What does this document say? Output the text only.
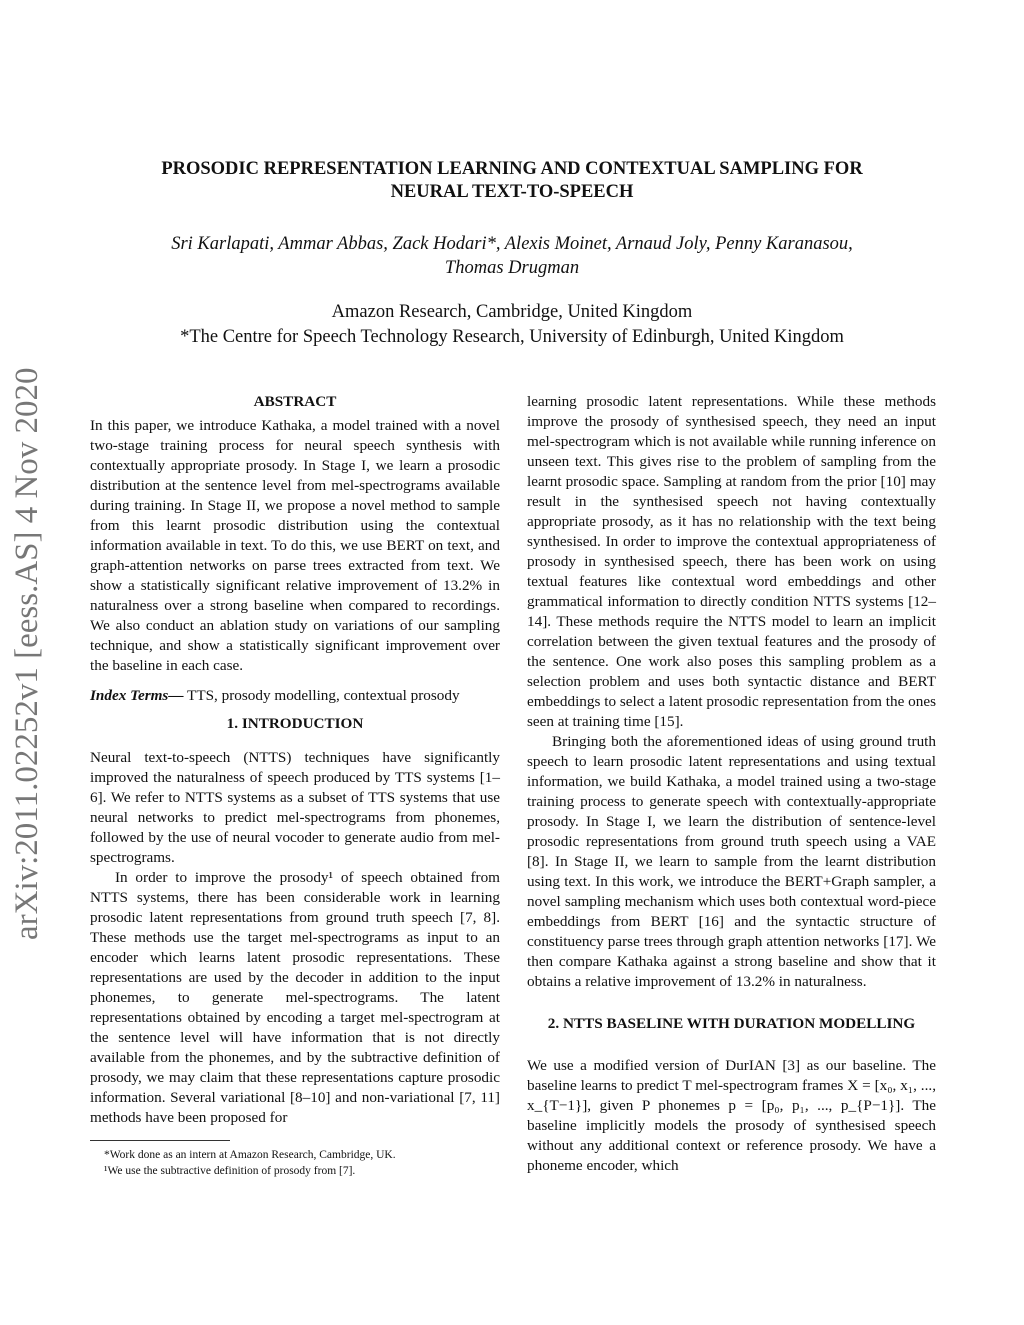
arXiv:2011.02252v1 [eess.AS] 4 Nov 2020
PROSODIC REPRESENTATION LEARNING AND CONTEXTUAL SAMPLING FOR
NEURAL TEXT-TO-SPEECH
Sri Karlapati, Ammar Abbas, Zack Hodari*, Alexis Moinet, Arnaud Joly, Penny Karanasou,
Thomas Drugman
Amazon Research, Cambridge, United Kingdom
*The Centre for Speech Technology Research, University of Edinburgh, United Kingdom
ABSTRACT

In this paper, we introduce Kathaka, a model trained with a novel two-stage training process for neural speech synthesis with contextually appropriate prosody. In Stage I, we learn a prosodic distribution at the sentence level from mel-spectrograms available during training. In Stage II, we propose a novel method to sample from this learnt prosodic distribution using the contextual information available in text. To do this, we use BERT on text, and graph-attention networks on parse trees extracted from text. We show a statistically significant relative improvement of 13.2% in naturalness over a strong baseline when compared to recordings. We also conduct an ablation study on variations of our sampling technique, and show a statistically significant improvement over the baseline in each case.

Index Terms— TTS, prosody modelling, contextual prosody

1. INTRODUCTION

Neural text-to-speech (NTTS) techniques have significantly improved the naturalness of speech produced by TTS systems [1–6]. We refer to NTTS systems as a subset of TTS systems that use neural networks to predict mel-spectrograms from phonemes, followed by the use of neural vocoder to generate audio from mel-spectrograms.

In order to improve the prosody¹ of speech obtained from NTTS systems, there has been considerable work in learning prosodic latent representations from ground truth speech [7, 8]. These methods use the target mel-spectrograms as input to an encoder which learns latent prosodic representations. These representations are used by the decoder in addition to the input phonemes, to generate mel-spectrograms. The latent representations obtained by encoding a target mel-spectrogram at the sentence level will have information that is not directly available from the phonemes, and by the subtractive definition of prosody, we may claim that these representations capture prosodic information. Several variational [8–10] and non-variational [7, 11] methods have been proposed for

*Work done as an intern at Amazon Research, Cambridge, UK.

¹We use the subtractive definition of prosody from [7].

learning prosodic latent representations. While these methods improve the prosody of synthesised speech, they need an input mel-spectrogram which is not available while running inference on unseen text. This gives rise to the problem of sampling from the learnt prosodic space. Sampling at random from the prior [10] may result in the synthesised speech not having contextually appropriate prosody, as it has no relationship with the text being synthesised. In order to improve the contextual appropriateness of prosody in synthesised speech, there has been work on using textual features like contextual word embeddings and other grammatical information to directly condition NTTS systems [12–14]. These methods require the NTTS model to learn an implicit correlation between the given textual features and the prosody of the sentence. One work also poses this sampling problem as a selection problem and uses both syntactic distance and BERT embeddings to select a latent prosodic representation from the ones seen at training time [15].

Bringing both the aforementioned ideas of using ground truth speech to learn prosodic latent representations and using textual information, we build Kathaka, a model trained using a two-stage training process to generate speech with contextually-appropriate prosody. In Stage I, we learn the distribution of sentence-level prosodic representations from ground truth speech using a VAE [8]. In Stage II, we learn to sample from the learnt distribution using text. In this work, we introduce the BERT+Graph sampler, a novel sampling mechanism which uses both contextual word-piece embeddings from BERT [16] and the syntactic structure of constituency parse trees through graph attention networks [17]. We then compare Kathaka against a strong baseline and show that it obtains a relative improvement of 13.2% in naturalness.

2. NTTS BASELINE WITH DURATION MODELLING

We use a modified version of DurIAN [3] as our baseline. The baseline learns to predict T mel-spectrogram frames X = [x₀, x₁, ..., x_{T−1}], given P phonemes p = [p₀, p₁, ..., p_{P−1}]. The baseline implicitly models the prosody of synthesised speech without any additional context or reference prosody. We have a phoneme encoder, which
